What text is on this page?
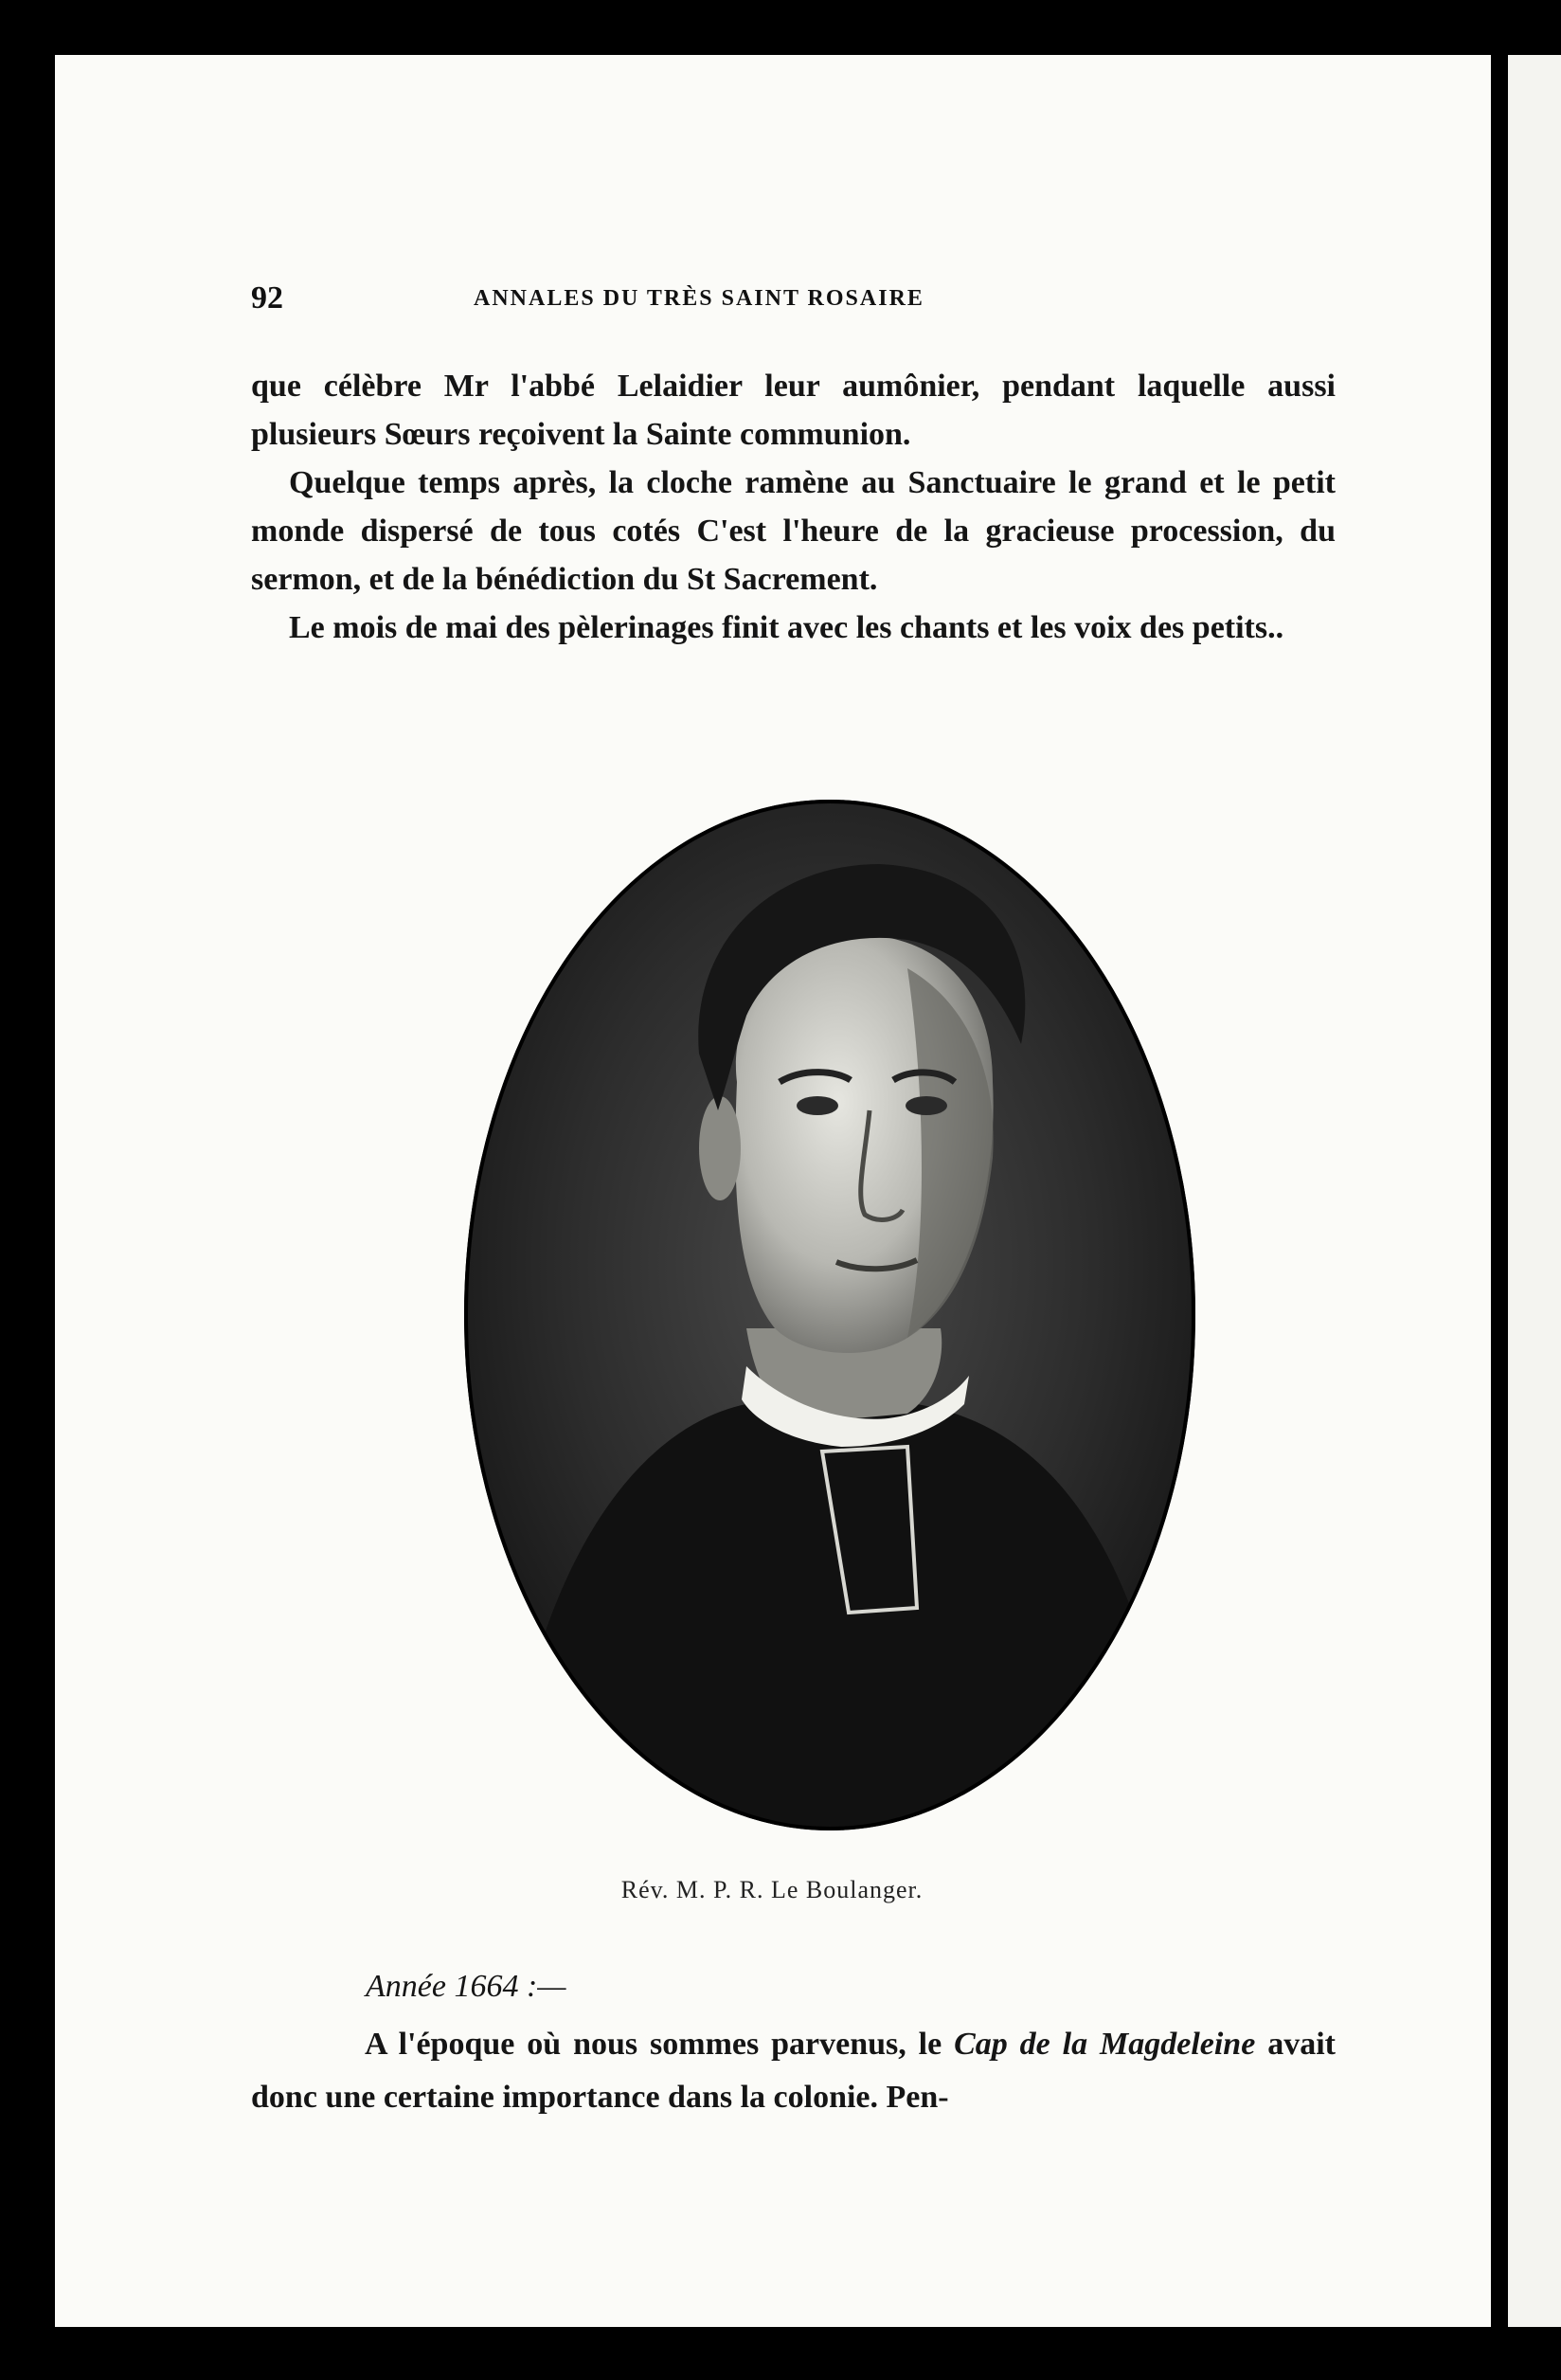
92	ANNALES DU TRÈS SAINT ROSAIRE

que célèbre Mr l'abbé Lelaidier leur aumônier, pendant laquelle aussi plusieurs Sœurs reçoivent la Sainte communion.

Quelque temps après, la cloche ramène au Sanctuaire le grand et le petit monde dispersé de tous cotés C'est l'heure de la gracieuse procession, du sermon, et de la bénédiction du St Sacrement.

Le mois de mai des pèlerinages finit avec les chants et les voix des petits..

Rév. M. P. R. Le Boulanger.
Année 1664 :—

A l'époque où nous sommes parvenus, le Cap de la Magdeleine avait donc une certaine importance dans la colonie. Pen-
